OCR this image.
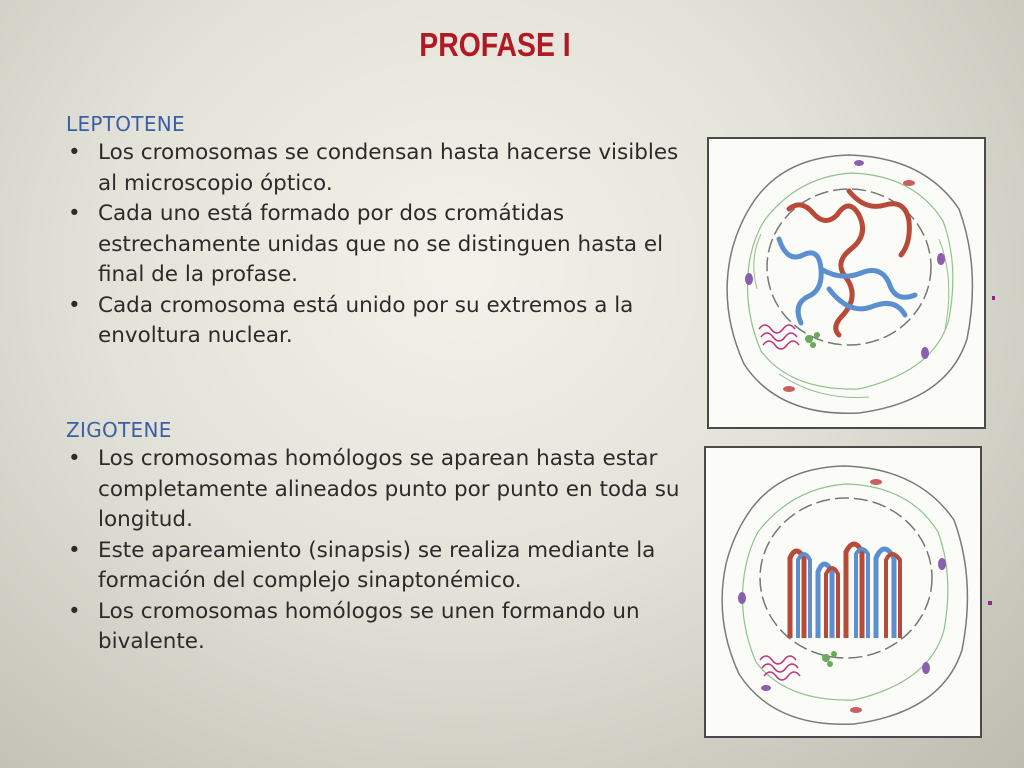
PROFASE I
LEPTOTENE
• Los cromosomas se condensan hasta hacerse visibles al microscopio óptico.
• Cada uno está formado por dos cromátidas estrechamente unidas que no se distinguen hasta el final de la profase.
• Cada cromosoma está unido por su extremos a la envoltura nuclear.
ZIGOTENE
• Los cromosomas homólogos se aparean hasta estar completamente alineados punto por punto en toda su longitud.
• Este apareamiento (sinapsis) se realiza mediante la formación del complejo sinaptonémico.
• Los cromosomas homólogos se unen formando un bivalente.
